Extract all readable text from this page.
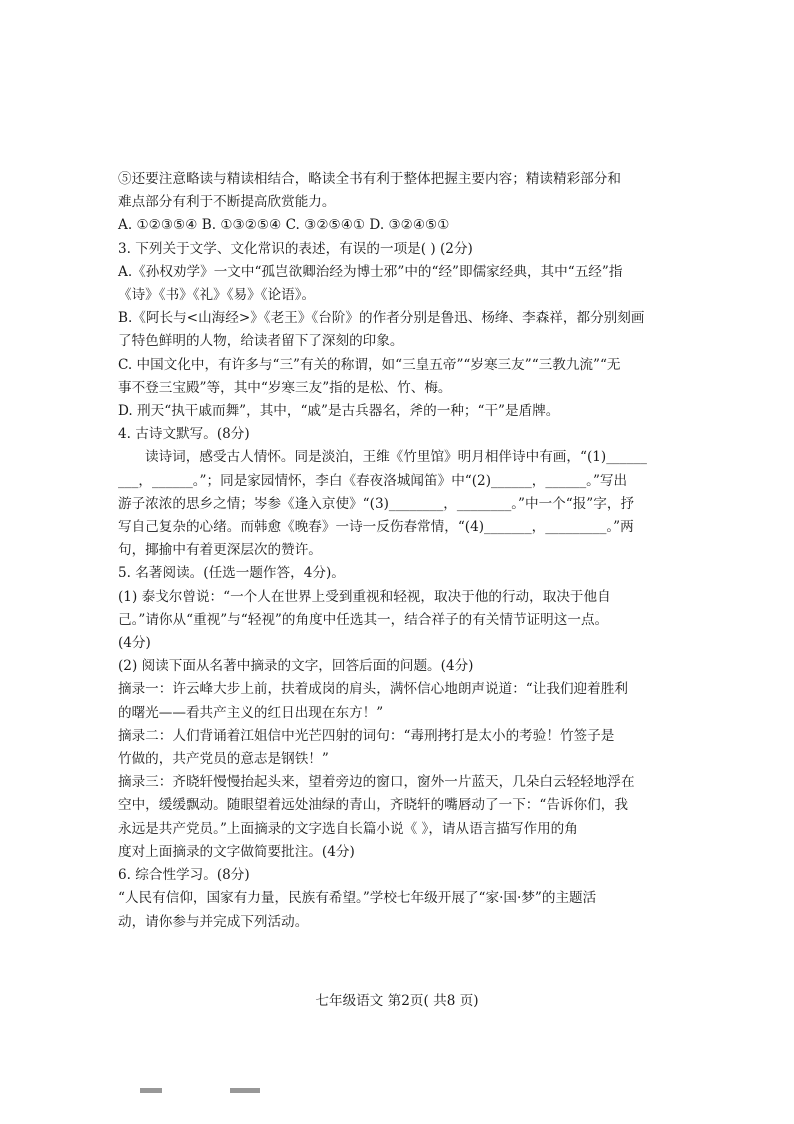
⑤还要注意略读与精读相结合，略读全书有利于整体把握主要内容；精读精彩部分和
难点部分有利于不断提高欣赏能力。
A. ①②③⑤④ B. ①③②⑤④ C. ③②⑤④① D. ③②④⑤①
3. 下列关于文学、文化常识的表述，有误的一项是( ) (2分)
A.《孙权劝学》一文中“孤岂欲卿治经为博士邪”中的“经”即儒家经典，其中“五经”指
《诗》《书》《礼》《易》《论语》。
B.《阿长与<山海经>》《老王》《台阶》的作者分别是鲁迅、杨绛、李森祥，都分别刻画
了特色鲜明的人物，给读者留下了深刻的印象。
C. 中国文化中，有许多与“三”有关的称谓，如“三皇五帝”“岁寒三友”“三教九流”“无
事不登三宝殿”等，其中“岁寒三友”指的是松、竹、梅。
D. 刑天“执干戚而舞”，其中，“戚”是古兵器名，斧的一种；“干”是盾牌。
4. 古诗文默写。(8分)
读诗词，感受古人情怀。同是淡泊，王维《竹里馆》明月相伴诗中有画，“(1)______
___，______。”；同是家园情怀，李白《春夜洛城闻笛》中“(2)______，______。”写出
游子浓浓的思乡之情；岑参《逢入京使》“(3)________，________。”中一个“报”字，抒
写自己复杂的心绪。而韩愈《晚春》一诗一反伤春常情，“(4)_______，_________。”两
句，揶揄中有着更深层次的赞许。
5. 名著阅读。(任选一题作答，4分)。
(1) 泰戈尔曾说：“一个人在世界上受到重视和轻视，取决于他的行动，取决于他自
己。”请你从“重视”与“轻视”的角度中任选其一，结合祥子的有关情节证明这一点。
(4分)
(2) 阅读下面从名著中摘录的文字，回答后面的问题。(4分)
摘录一：许云峰大步上前，扶着成岗的肩头，满怀信心地朗声说道：“让我们迎着胜利
的曙光——看共产主义的红日出现在东方！”
摘录二：人们背诵着江姐信中光芒四射的词句：“毒刑拷打是太小的考验！竹签子是
竹做的，共产党员的意志是钢铁！”
摘录三：齐晓轩慢慢抬起头来，望着旁边的窗口，窗外一片蓝天，几朵白云轻轻地浮在
空中，缓缓飘动。随眼望着远处油绿的青山，齐晓轩的嘴唇动了一下：“告诉你们，我
永远是共产党员。”上面摘录的文字选自长篇小说《 》，请从语言描写作用的角
度对上面摘录的文字做简要批注。(4分)
6. 综合性学习。(8分)
“人民有信仰，国家有力量，民族有希望。”学校七年级开展了“家·国·梦”的主题活
动，请你参与并完成下列活动。
七年级语文 第2页( 共8 页)
